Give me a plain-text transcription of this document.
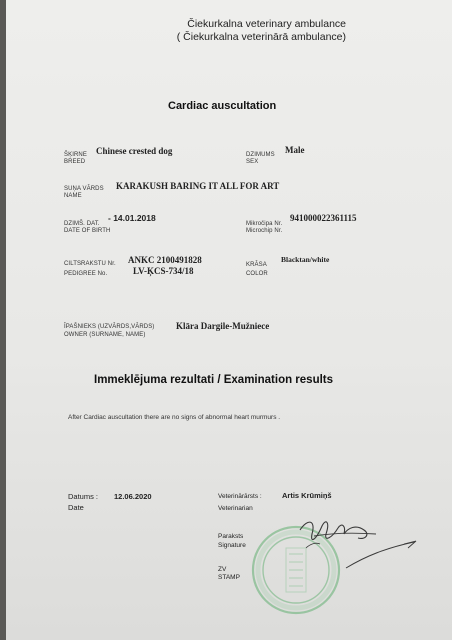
Čiekurkalna veterinary ambulance
( Čiekurkalna veterinārā ambulance)
Cardiac auscultation
ŠĶIRNE
BREED
Chinese crested dog	DZIMUMS
SEX
Male
SUŅA VĀRDS
NAME
KARAKUSH BARING IT ALL FOR ART
DZIMŠ. DAT.
DATE OF BIRTH
- 14.01.2018
Mikročipa Nr.
Microchip Nr.
941000022361115
CILTSRAKSTU Nr.
PEDIGREE No.
ANKC 2100491828
LV-ĶCS-734/18
KRĀSA
COLOR
Blacktan/white
ĪPAŠNIEKS (UZVĀRDS,VĀRDS)
OWNER (SURNAME, NAME)
Klāra Dargile-Mužniece
Immeklējuma rezultati / Examination results
After Cardiac auscultation there are no signs of abnormal heart murmurs .
Datums : 12.06.2020
Date
Veterinārārsts :	Artis Krūmiņš
Veterinarian
Paraksts
Signature
ZV
STAMP
